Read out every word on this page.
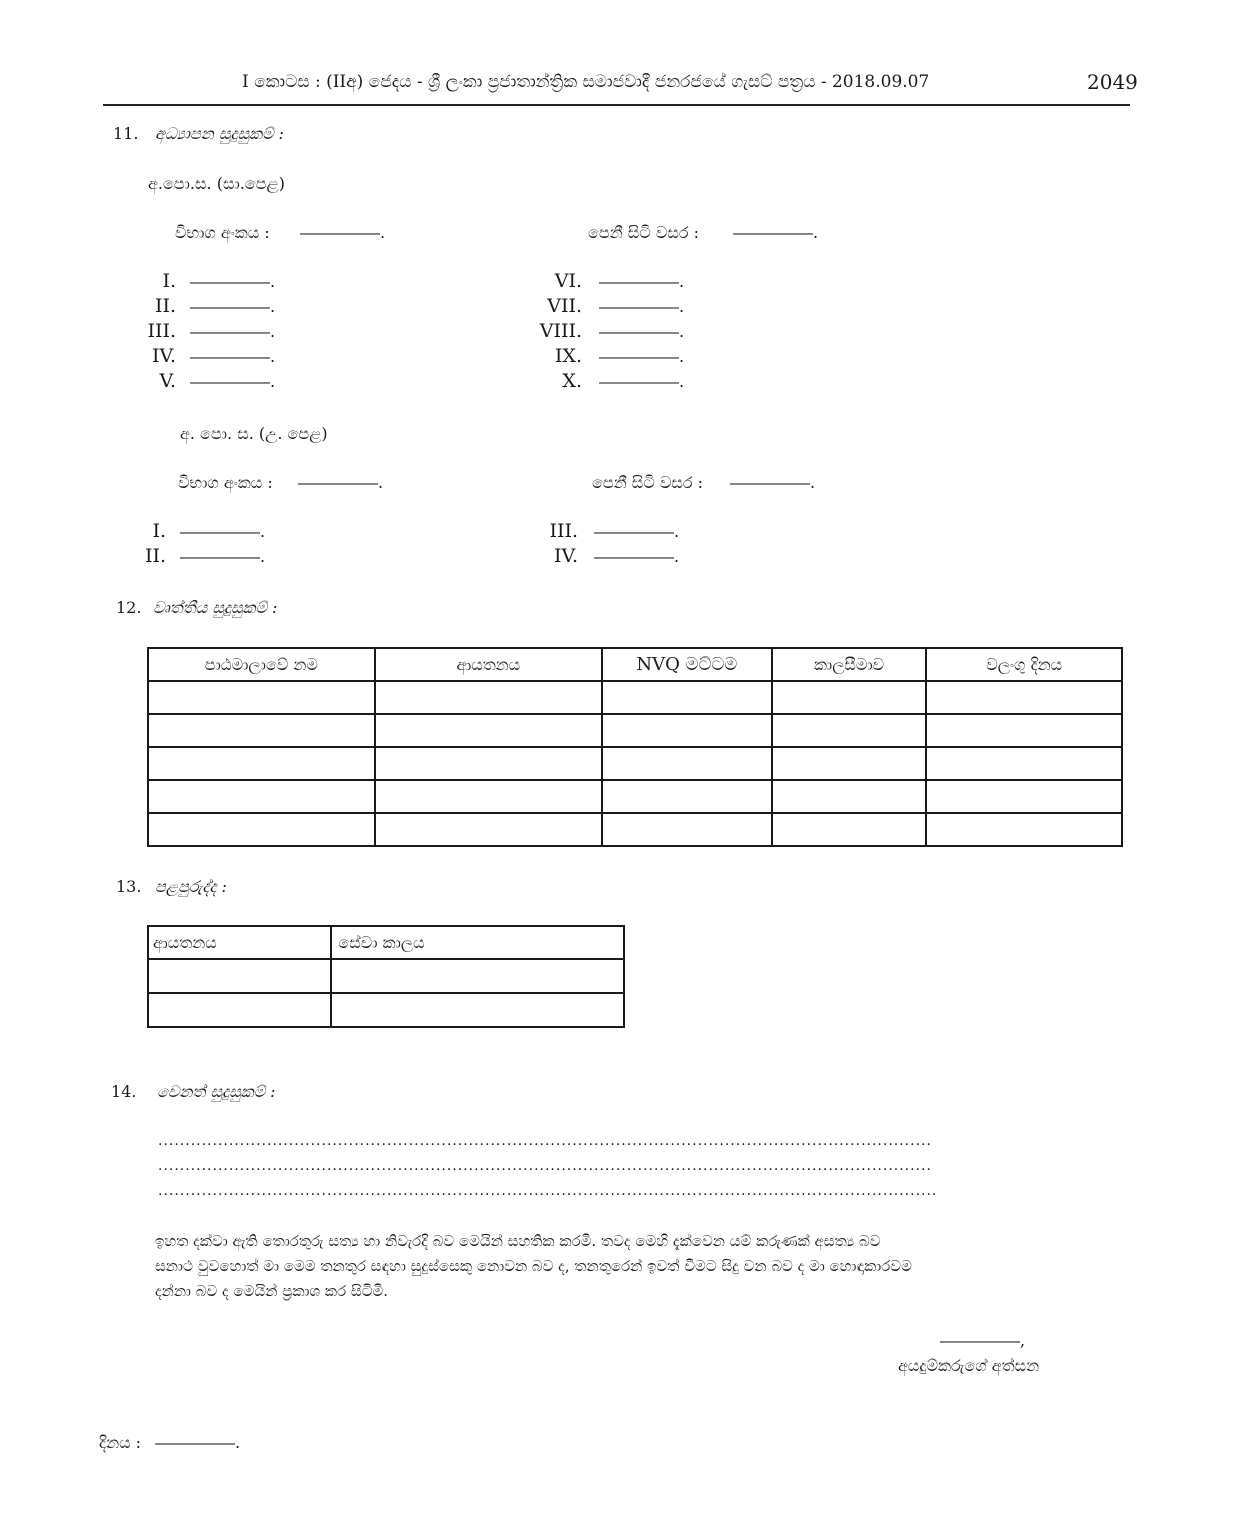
I කොටස : (IIඅ) ජෙදය - ශ්‍රී ලංකා ප්‍රජාතාන්ත්‍රික සමාජවාදී ජනරජයේ ගැසට් පත්‍රය - 2018.09.07	2049
11. අධ්‍යාපන සුදුසුකම් :
අ.පො.ස. (සා.පෙළ)
විභාග අංකය : ―――――.	පෙනී සිටි වසර : ―――――.
I. ―――――.
II. ―――――.
III. ―――――.
IV. ―――――.
V. ―――――.
VI. ―――――.
VII. ―――――.
VIII. ―――――.
IX. ―――――.
X. ―――――.
අ. පො. ස. (උ. පෙළ)
විභාග අංකය : ―――――.	පෙනී සිටි වසර : ―――――.
I. ―――――.
II. ―――――.
III. ―――――.
IV. ―――――.
12. වෘත්තීය සුදුසුකම් :
පාඨමාලාවේ නම	ආයතනය	NVQ මට්ටම	කාලසීමාව	වලංගු දිනය

13. පළපුරුද්ද :
ආයතනය	සේවා කාලය

14. වෙනත් සුදුසුකම් :
..............................................................................................................................................
..............................................................................................................................................
...............................................................................................................................................
ඉහත දක්වා ඇති තොරතුරු සත්‍ය හා නිවැරදි බව මෙයින් සහතික කරමි. තවද මෙහි දැක්වෙන යම් කරුණක් අසත්‍ය බව
සනාථ වුවහොත් මා මෙම තනතුර සඳහා සුදුස්සෙකු නොවන බව ද, තනතුරෙන් ඉවත් වීමට සිදු වන බව ද මා හොඳාකාරවම
දන්නා බව ද මෙයින් ප්‍රකාශ කර සිටිමි.
―――――,
අයදුම්කරුගේ අත්සන
දිනය : ―――――.
